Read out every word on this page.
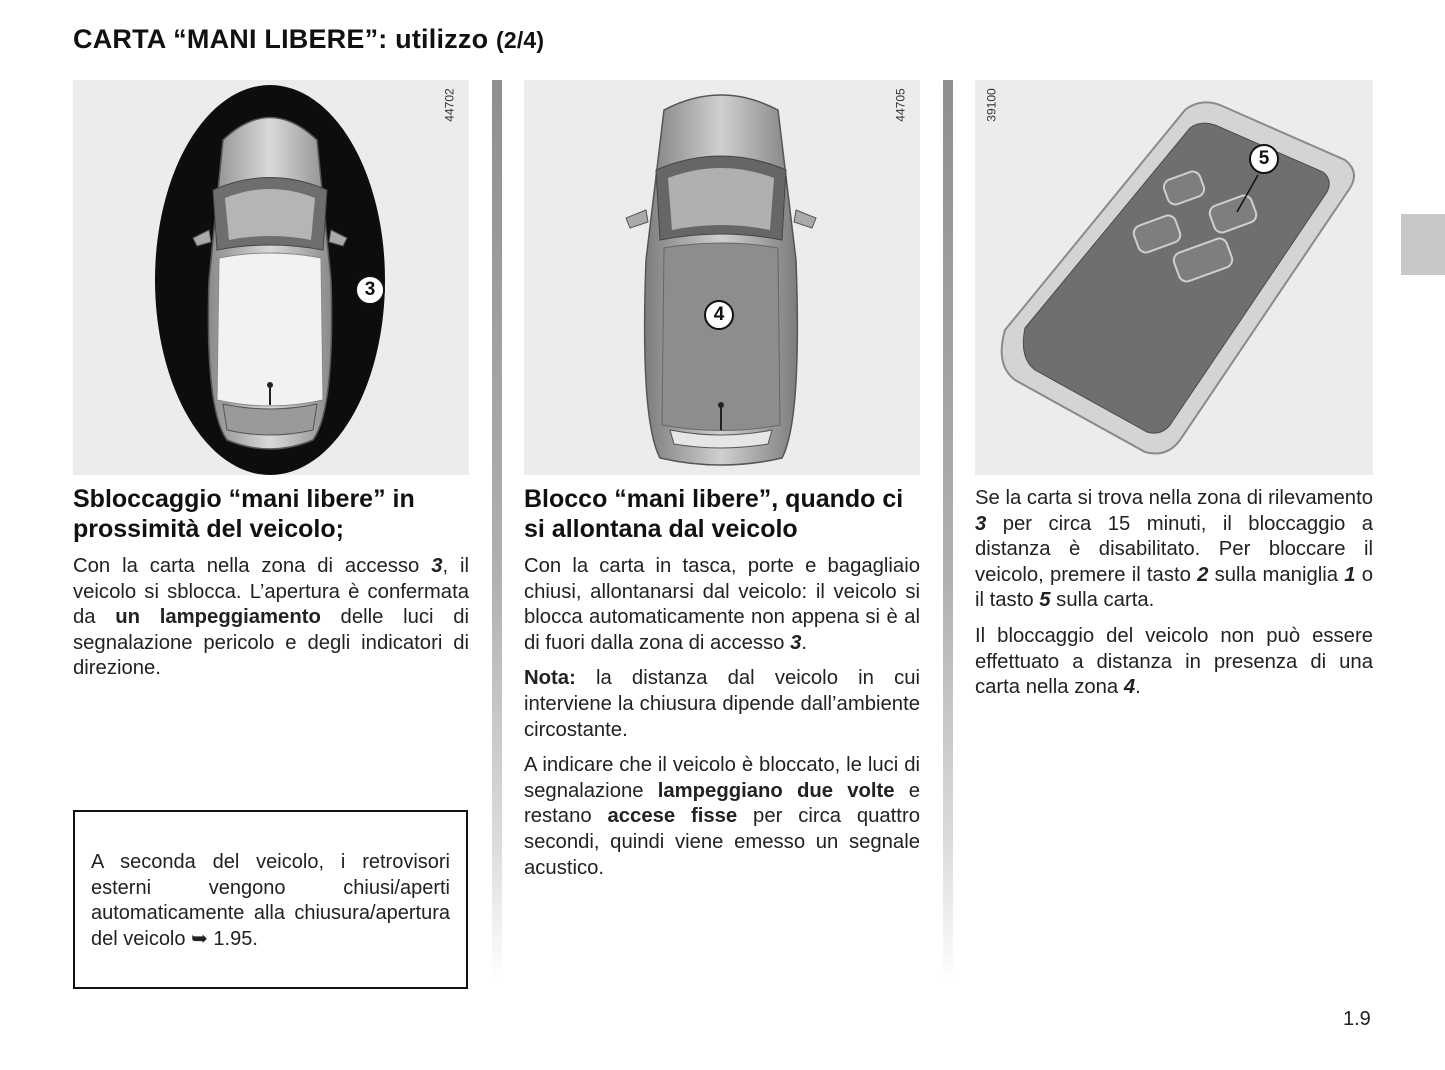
CARTA “MANI LIBERE”: utilizzo (2/4)
44702
3
44705
4
39100
5
Sbloccaggio “mani libere” in prossimità del veicolo;

Con la carta nella zona di accesso 3, il veicolo si sblocca. L’apertura è confermata da un lampeggiamento delle luci di segnalazione pericolo e degli indicatori di direzione.

A seconda del veicolo, i retrovisori esterni vengono chiusi/aperti automaticamente alla chiusura/apertura del veicolo ➥ 1.95.

Blocco “mani libere”, quando ci si allontana dal veicolo

Con la carta in tasca, porte e bagagliaio chiusi, allontanarsi dal veicolo: il veicolo si blocca automaticamente non appena si è al di fuori dalla zona di accesso 3.

Nota: la distanza dal veicolo in cui interviene la chiusura dipende dall’ambiente circostante.

A indicare che il veicolo è bloccato, le luci di segnalazione lampeggiano due volte e restano accese fisse per circa quattro secondi, quindi viene emesso un segnale acustico.

Se la carta si trova nella zona di rilevamento 3 per circa 15 minuti, il bloccaggio a distanza è disabilitato. Per bloccare il veicolo, premere il tasto 2 sulla maniglia 1 o il tasto 5 sulla carta.

Il bloccaggio del veicolo non può essere effettuato a distanza in presenza di una carta nella zona 4.

1.9
